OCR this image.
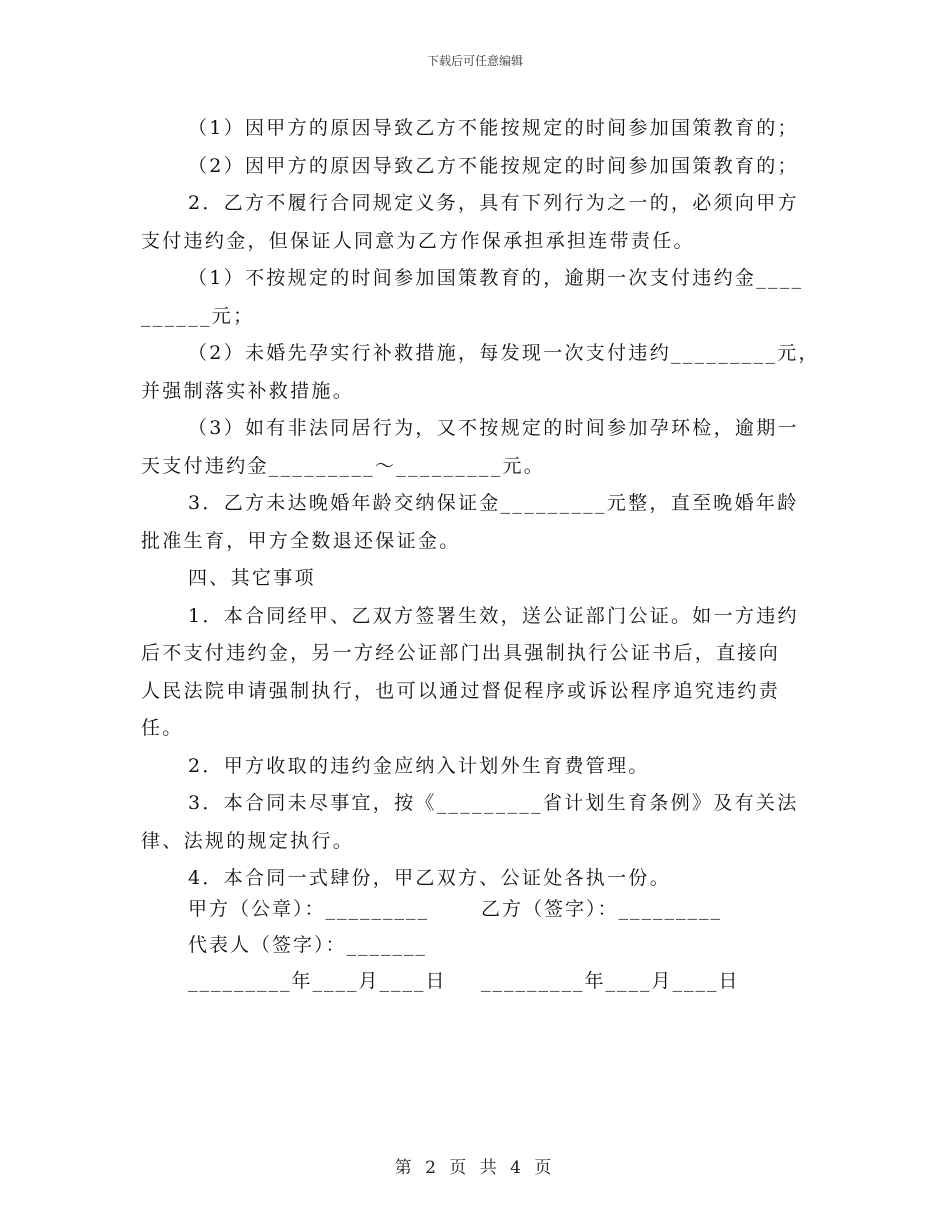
下载后可任意编辑
（1）因甲方的原因导致乙方不能按规定的时间参加国策教育的；
（2）因甲方的原因导致乙方不能按规定的时间参加国策教育的；
2．乙方不履行合同规定义务，具有下列行为之一的，必须向甲方
支付违约金，但保证人同意为乙方作保承担承担连带责任。
（1）不按规定的时间参加国策教育的，逾期一次支付违约金____
______元；
（2）未婚先孕实行补救措施，每发现一次支付违约_________元，
并强制落实补救措施。
（3）如有非法同居行为，又不按规定的时间参加孕环检，逾期一
天支付违约金_________～_________元。
3．乙方未达晚婚年龄交纳保证金_________元整，直至晚婚年龄
批准生育，甲方全数退还保证金。
四、其它事项
1．本合同经甲、乙双方签署生效，送公证部门公证。如一方违约
后不支付违约金，另一方经公证部门出具强制执行公证书后，直接向
人民法院申请强制执行，也可以通过督促程序或诉讼程序追究违约责
任。
2．甲方收取的违约金应纳入计划外生育费管理。
3．本合同未尽事宜，按《_________省计划生育条例》及有关法
律、法规的规定执行。
4．本合同一式肆份，甲乙双方、公证处各执一份。
甲方（公章）：_________	乙方（签字）：_________
代表人（签字）：_______
_________年____月____日 _________年____月____日
第 2 页 共 4 页
